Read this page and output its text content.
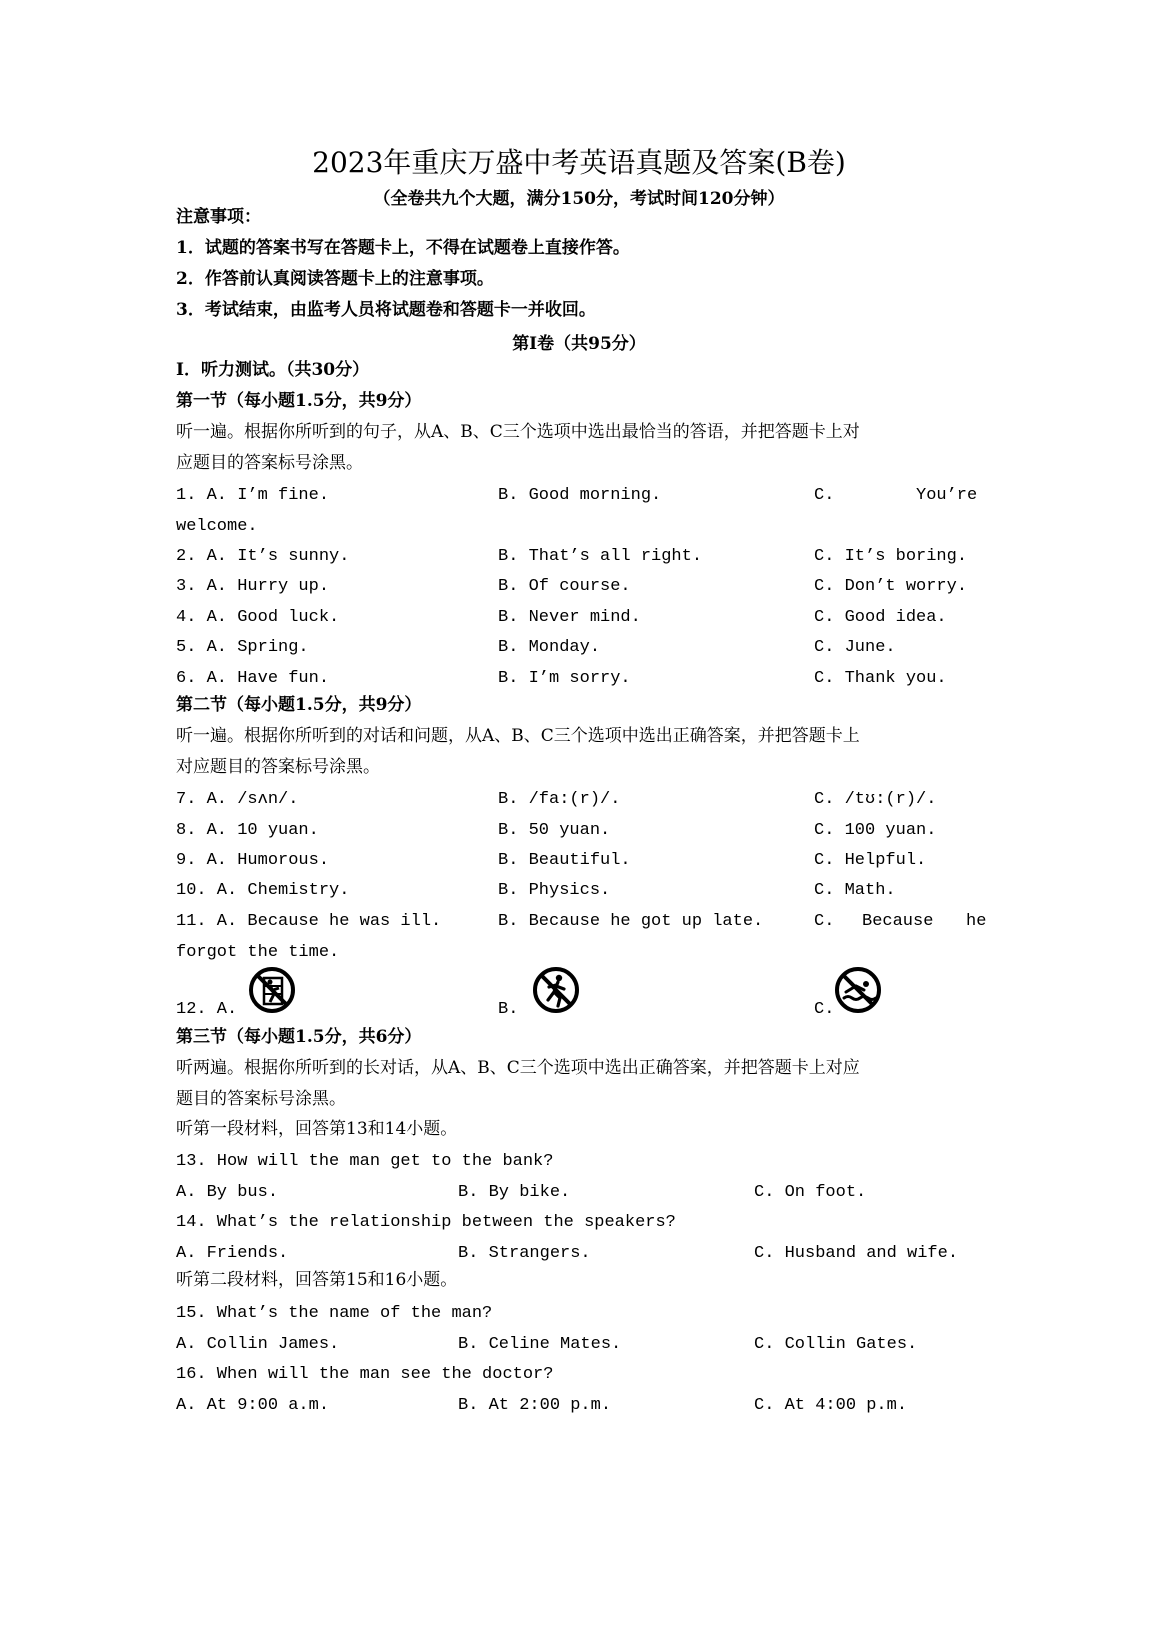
2023年重庆万盛中考英语真题及答案(B卷)
（全卷共九个大题，满分150分，考试时间120分钟）
注意事项：
1．试题的答案书写在答题卡上，不得在试题卷上直接作答。
2．作答前认真阅读答题卡上的注意事项。
3．考试结束，由监考人员将试题卷和答题卡一并收回。
第Ⅰ卷（共95分）
Ⅰ．听力测试。（共30分）
第一节（每小题1.5分，共9分）
听一遍。根据你所听到的句子，从A、B、C三个选项中选出最恰当的答语，并把答题卡上对
应题目的答案标号涂黑。
1. A. I’m fine.	B. Good morning.	C.	You’re
welcome.
2. A. It’s sunny.	B. That’s all right.	C. It’s boring.
3. A. Hurry up.	B. Of course.	C. Don’t worry.
4. A. Good luck.	B. Never mind.	C. Good idea.
5. A. Spring.	B. Monday.	C. June.
6. A. Have fun.	B. I’m sorry.	C. Thank you.
第二节（每小题1.5分，共9分）
听一遍。根据你所听到的对话和问题，从A、B、C三个选项中选出正确答案，并把答题卡上
对应题目的答案标号涂黑。
7. A. /sʌn/.	B. /fa:(r)/.	C. /tʊ:(r)/.
8. A. 10 yuan.	B. 50 yuan.	C. 100 yuan.
9. A. Humorous.	B. Beautiful.	C. Helpful.
10. A. Chemistry.	B. Physics.	C. Math.
11. A. Because he was ill.	B. Because he got up late.	C. Because he
forgot the time.
12. A.	B.	C.
第三节（每小题1.5分，共6分）
听两遍。根据你所听到的长对话，从A、B、C三个选项中选出正确答案，并把答题卡上对应
题目的答案标号涂黑。
听第一段材料，回答第13和14小题。
13. How will the man get to the bank?
A. By bus.	B. By bike.	C. On foot.
14. What’s the relationship between the speakers?
A. Friends.	B. Strangers.	C. Husband and wife.
听第二段材料，回答第15和16小题。
15. What’s the name of the man?
A. Collin James.	B. Celine Mates.	C. Collin Gates.
16. When will the man see the doctor?
A. At 9:00 a.m.	B. At 2:00 p.m.	C. At 4:00 p.m.
